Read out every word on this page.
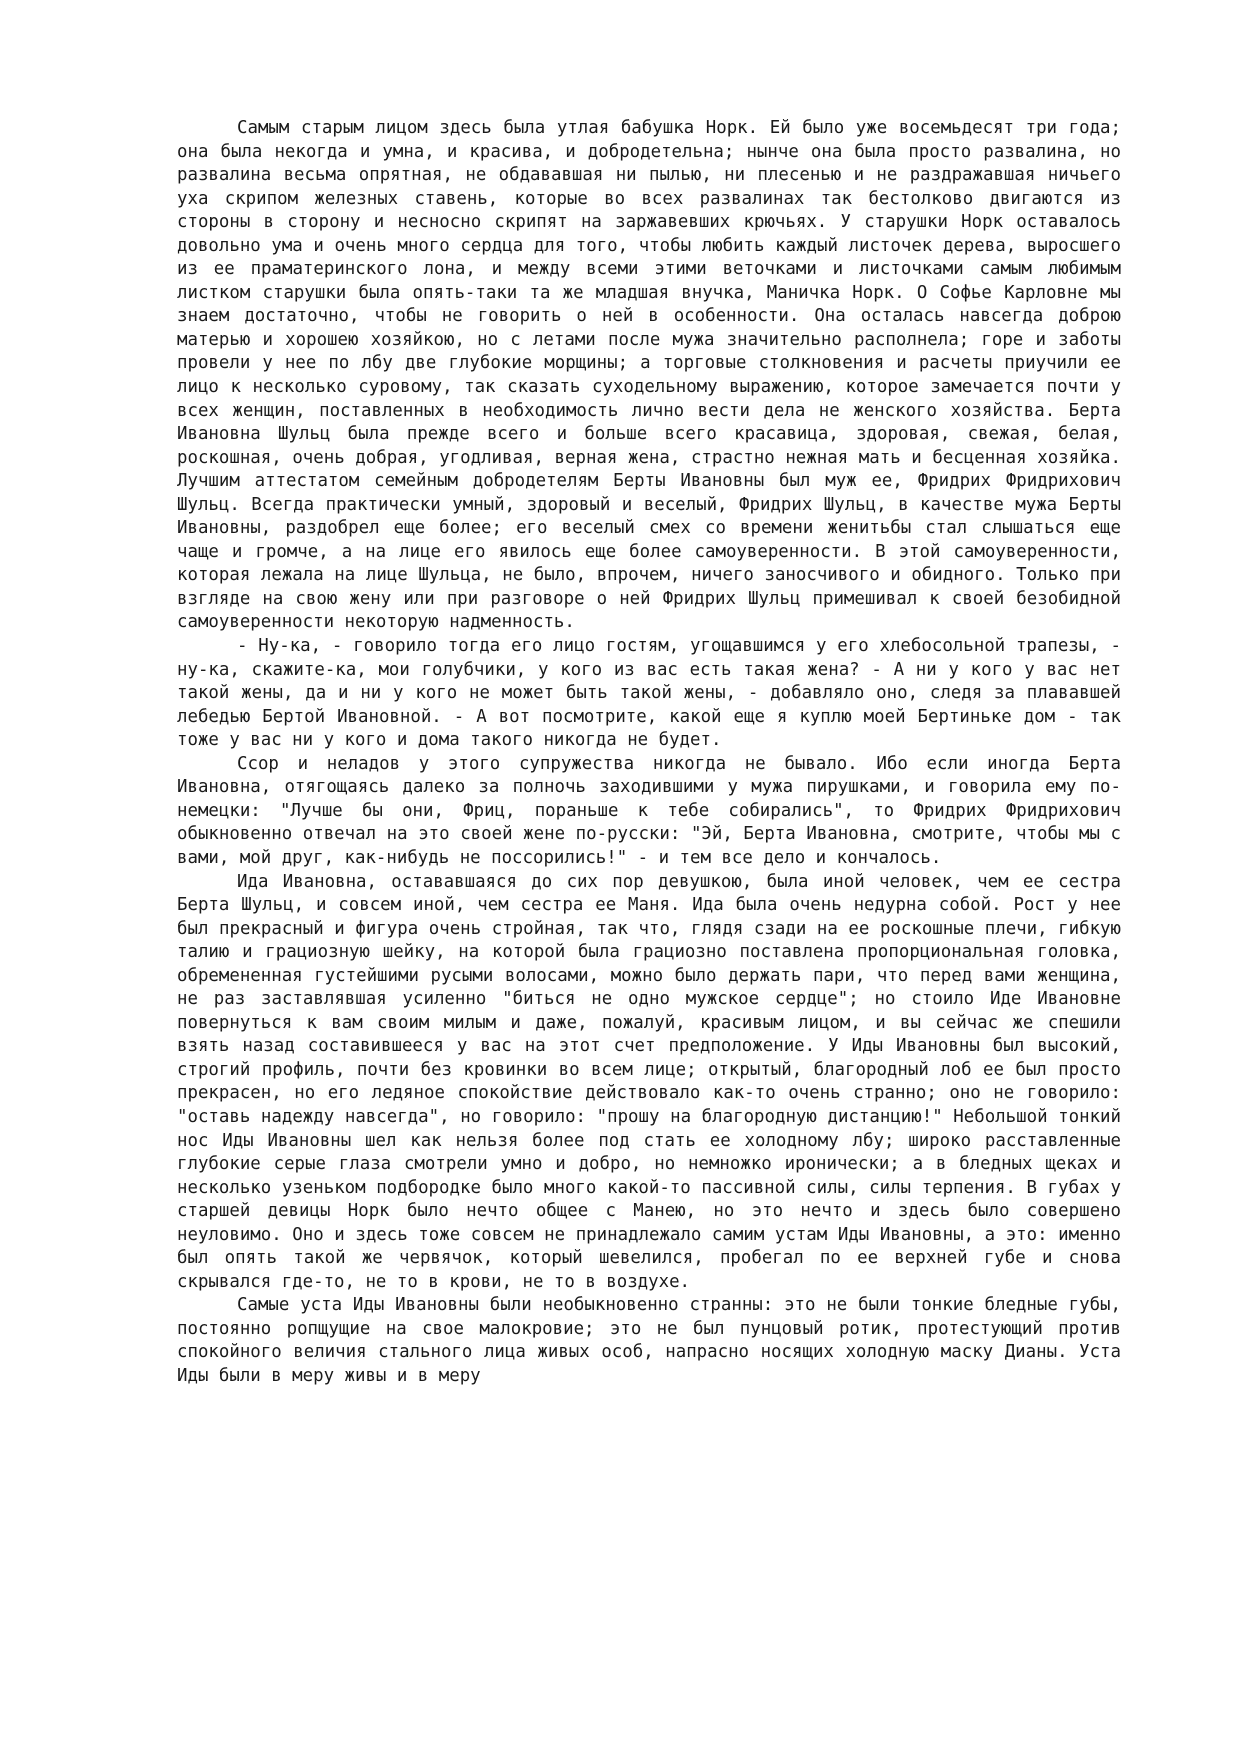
Самым старым лицом здесь была утлая бабушка Норк. Ей было уже восемьдесят три года; она была некогда и умна, и красива, и добродетельна; нынче она была просто развалина, но развалина весьма опрятная, не обдававшая ни пылью, ни плесенью и не раздражавшая ничьего уха скрипом железных ставень, которые во всех развалинах так бестолково двигаются из стороны в сторону и несносно скрипят на заржавевших крючьях. У старушки Норк оставалось довольно ума и очень много сердца для того, чтобы любить каждый листочек дерева, выросшего из ее праматеринского лона, и между всеми этими веточками и листочками самым любимым листком старушки была опять-таки та же младшая внучка, Маничка Норк. О Софье Карловне мы знаем достаточно, чтобы не говорить о ней в особенности. Она осталась навсегда доброю матерью и хорошею хозяйкою, но с летами после мужа значительно располнела; горе и заботы провели у нее по лбу две глубокие морщины; а торговые столкновения и расчеты приучили ее лицо к несколько суровому, так сказать суходельному выражению, которое замечается почти у всех женщин, поставленных в необходимость лично вести дела не женского хозяйства. Берта Ивановна Шульц была прежде всего и больше всего красавица, здоровая, свежая, белая, роскошная, очень добрая, угодливая, верная жена, страстно нежная мать и бесценная хозяйка. Лучшим аттестатом семейным добродетелям Берты Ивановны был муж ее, Фридрих Фридрихович Шульц. Всегда практически умный, здоровый и веселый, Фридрих Шульц, в качестве мужа Берты Ивановны, раздобрел еще более; его веселый смех со времени женитьбы стал слышаться еще чаще и громче, а на лице его явилось еще более самоуверенности. В этой самоуверенности, которая лежала на лице Шульца, не было, впрочем, ничего заносчивого и обидного. Только при взгляде на свою жену или при разговоре о ней Фридрих Шульц примешивал к своей безобидной самоуверенности некоторую надменность.

- Ну-ка, - говорило тогда его лицо гостям, угощавшимся у его хлебосольной трапезы, - ну-ка, скажите-ка, мои голубчики, у кого из вас есть такая жена? - А ни у кого у вас нет такой жены, да и ни у кого не может быть такой жены, - добавляло оно, следя за плававшей лебедью Бертой Ивановной. - А вот посмотрите, какой еще я куплю моей Бертиньке дом - так тоже у вас ни у кого и дома такого никогда не будет.

Ссор и неладов у этого супружества никогда не бывало. Ибо если иногда Берта Ивановна, отягощаясь далеко за полночь заходившими у мужа пирушками, и говорила ему по-немецки: "Лучше бы они, Фриц, пораньше к тебе собирались", то Фридрих Фридрихович обыкновенно отвечал на это своей жене по-русски: "Эй, Берта Ивановна, смотрите, чтобы мы с вами, мой друг, как-нибудь не поссорились!" - и тем все дело и кончалось.

Ида Ивановна, остававшаяся до сих пор девушкою, была иной человек, чем ее сестра Берта Шульц, и совсем иной, чем сестра ее Маня. Ида была очень недурна собой. Рост у нее был прекрасный и фигура очень стройная, так что, глядя сзади на ее роскошные плечи, гибкую талию и грациозную шейку, на которой была грациозно поставлена пропорциональная головка, обремененная густейшими русыми волосами, можно было держать пари, что перед вами женщина, не раз заставлявшая усиленно "биться не одно мужское сердце"; но стоило Иде Ивановне повернуться к вам своим милым и даже, пожалуй, красивым лицом, и вы сейчас же спешили взять назад составившееся у вас на этот счет предположение. У Иды Ивановны был высокий, строгий профиль, почти без кровинки во всем лице; открытый, благородный лоб ее был просто прекрасен, но его ледяное спокойствие действовало как-то очень странно; оно не говорило: "оставь надежду навсегда", но говорило: "прошу на благородную дистанцию!" Небольшой тонкий нос Иды Ивановны шел как нельзя более под стать ее холодному лбу; широко расставленные глубокие серые глаза смотрели умно и добро, но немножко иронически; а в бледных щеках и несколько узеньком подбородке было много какой-то пассивной силы, силы терпения. В губах у старшей девицы Норк было нечто общее с Манею, но это нечто и здесь было совершено неуловимо. Оно и здесь тоже совсем не принадлежало самим устам Иды Ивановны, а это: именно был опять такой же червячок, который шевелился, пробегал по ее верхней губе и снова скрывался где-то, не то в крови, не то в воздухе.

Самые уста Иды Ивановны были необыкновенно странны: это не были тонкие бледные губы, постоянно ропщущие на свое малокровие; это не был пунцовый ротик, протестующий против спокойного величия стального лица живых особ, напрасно носящих холодную маску Дианы. Уста Иды были в меру живы и в меру
